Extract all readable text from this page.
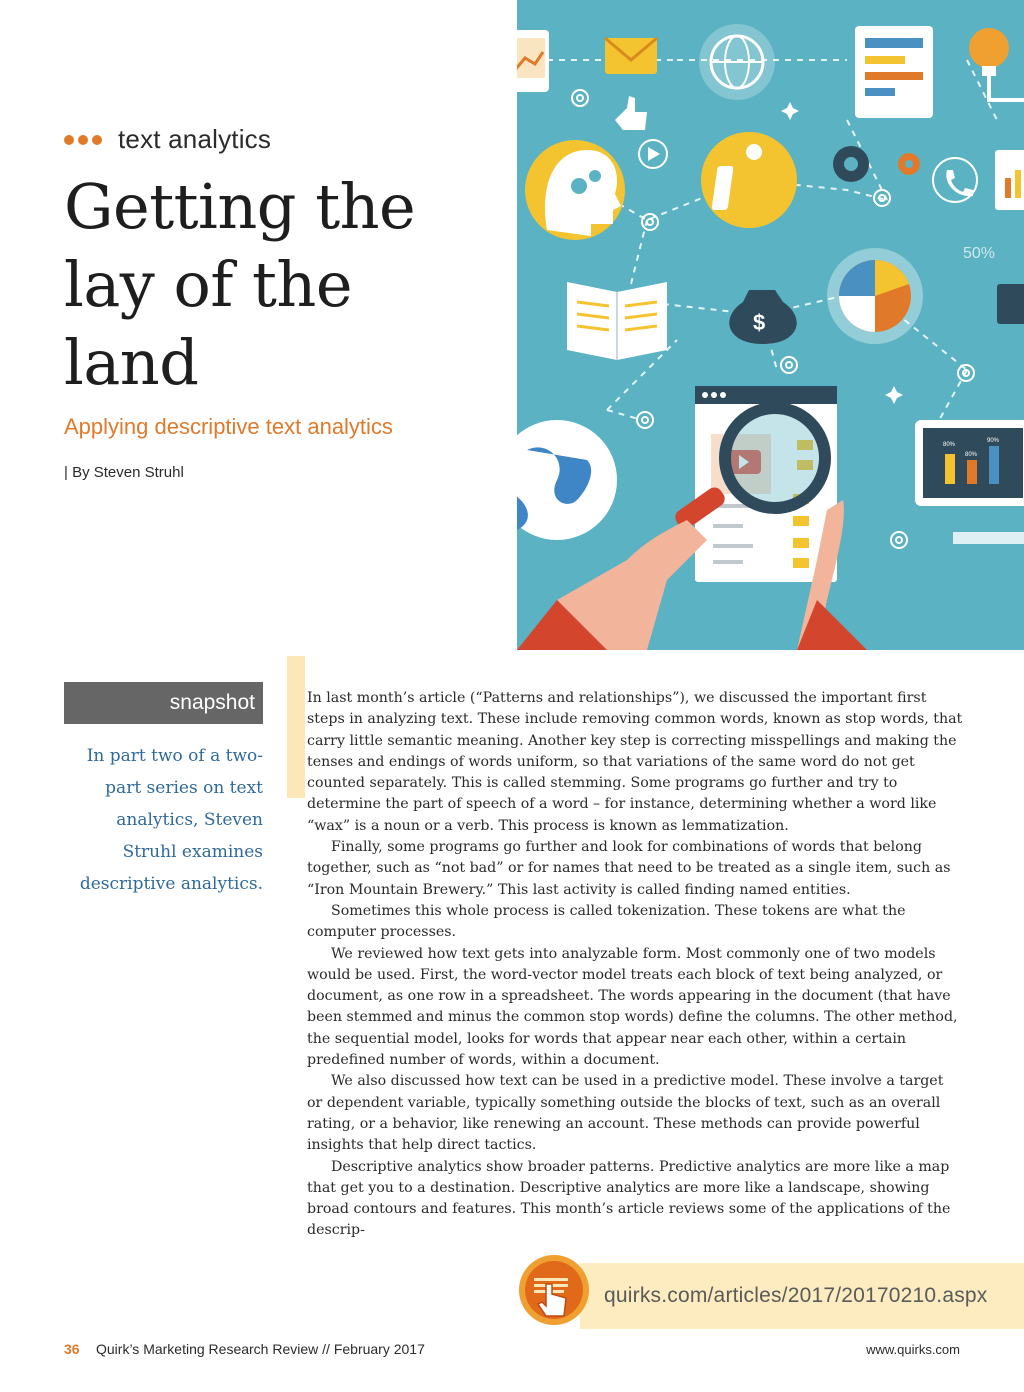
text analytics
Getting the lay of the land
Applying descriptive text analytics
| By Steven Struhl
$
50%
80%
90%
80%
snapshot
In part two of a two-part series on text analytics, Steven Struhl examines descriptive analytics.

In last month’s article (“Patterns and relationships”), we discussed the important first steps in analyzing text. These include removing common words, known as stop words, that carry little semantic meaning. Another key step is correcting misspellings and making the tenses and endings of words uniform, so that variations of the same word do not get counted separately. This is called stemming. Some programs go further and try to determine the part of speech of a word – for instance, determining whether a word like “wax” is a noun or a verb. This process is known as lemmatization.

Finally, some programs go further and look for combinations of words that belong together, such as “not bad” or for names that need to be treated as a single item, such as “Iron Mountain Brewery.” This last activity is called finding named entities.

Sometimes this whole process is called tokenization. These tokens are what the computer processes.

We reviewed how text gets into analyzable form. Most commonly one of two models would be used. First, the word-vector model treats each block of text being analyzed, or document, as one row in a spreadsheet. The words appearing in the document (that have been stemmed and minus the common stop words) define the columns. The other method, the sequential model, looks for words that appear near each other, within a certain predefined number of words, within a document.

We also discussed how text can be used in a predictive model. These involve a target or dependent variable, typically something outside the blocks of text, such as an overall rating, or a behavior, like renewing an account. These methods can provide powerful insights that help direct tactics.

Descriptive analytics show broader patterns. Predictive analytics are more like a map that get you to a destination. Descriptive analytics are more like a landscape, showing broad contours and features. This month’s article reviews some of the applications of the descrip-

quirks.com/articles/2017/20170210.aspx
36 Quirk’s Marketing Research Review // February 2017	www.quirks.com
